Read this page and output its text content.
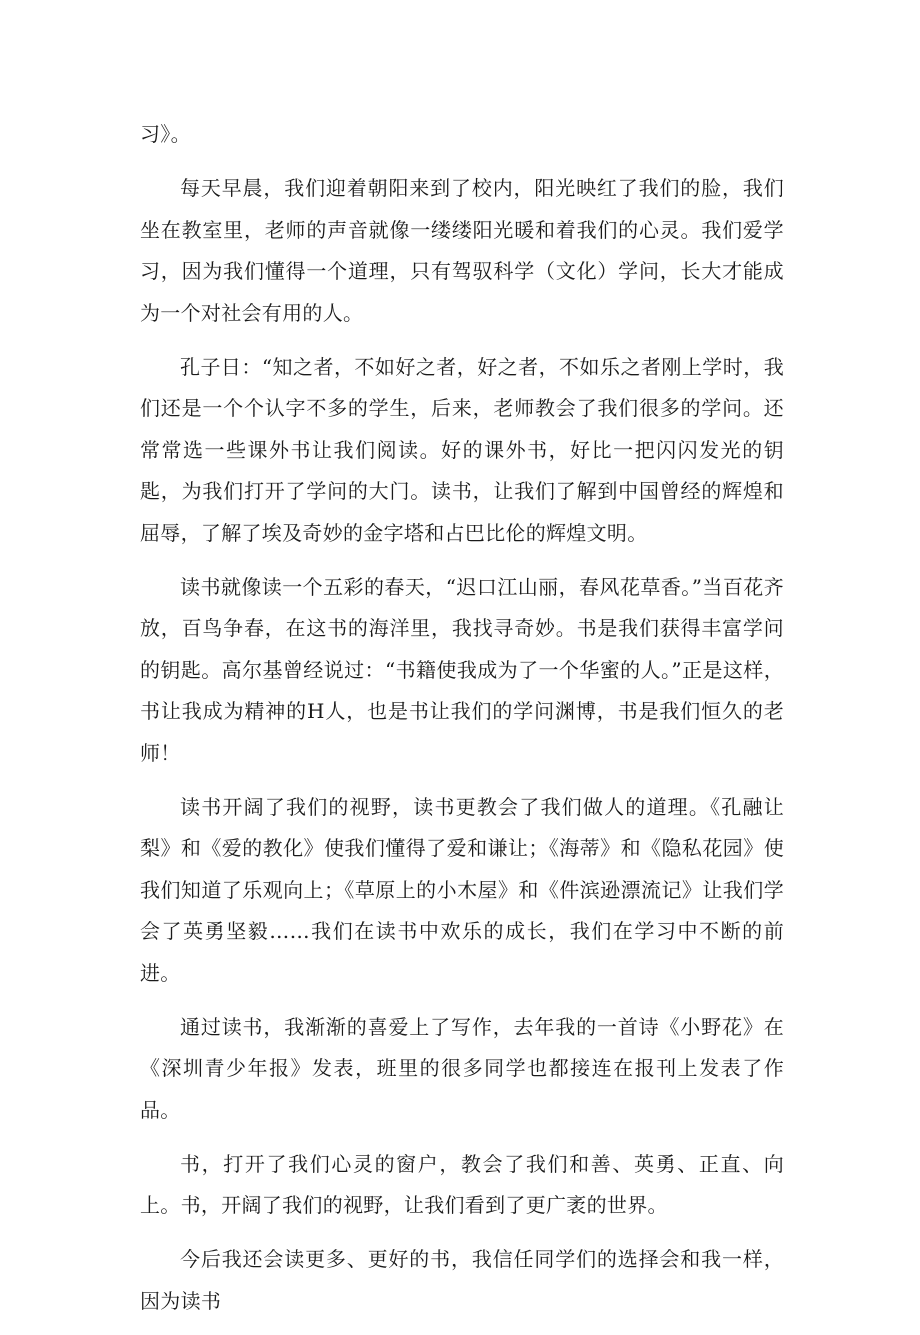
习》。

每天早晨，我们迎着朝阳来到了校内，阳光映红了我们的脸，我们坐在教室里，老师的声音就像一缕缕阳光暖和着我们的心灵。我们爱学习，因为我们懂得一个道理，只有驾驭科学（文化）学问，长大才能成为一个对社会有用的人。

孔子日：“知之者，不如好之者，好之者，不如乐之者刚上学时，我们还是一个个认字不多的学生，后来，老师教会了我们很多的学问。还常常选一些课外书让我们阅读。好的课外书，好比一把闪闪发光的钥匙，为我们打开了学问的大门。读书，让我们了解到中国曾经的辉煌和屈辱，了解了埃及奇妙的金字塔和占巴比伦的辉煌文明。

读书就像读一个五彩的春天，“迟口江山丽，春风花草香。”当百花齐放，百鸟争春，在这书的海洋里，我找寻奇妙。书是我们获得丰富学问的钥匙。高尔基曾经说过：“书籍使我成为了一个华蜜的人。”正是这样，书让我成为精神的H人，也是书让我们的学问渊博，书是我们恒久的老师！

读书开阔了我们的视野，读书更教会了我们做人的道理。《孔融让梨》和《爱的教化》使我们懂得了爱和谦让；《海蒂》和《隐私花园》使我们知道了乐观向上；《草原上的小木屋》和《件滨逊漂流记》让我们学会了英勇坚毅……我们在读书中欢乐的成长，我们在学习中不断的前进。

通过读书，我渐渐的喜爱上了写作，去年我的一首诗《小野花》在《深圳青少年报》发表，班里的很多同学也都接连在报刊上发表了作品。

书，打开了我们心灵的窗户，教会了我们和善、英勇、正直、向上。书，开阔了我们的视野，让我们看到了更广袤的世界。

今后我还会读更多、更好的书，我信任同学们的选择会和我一样，因为读书
